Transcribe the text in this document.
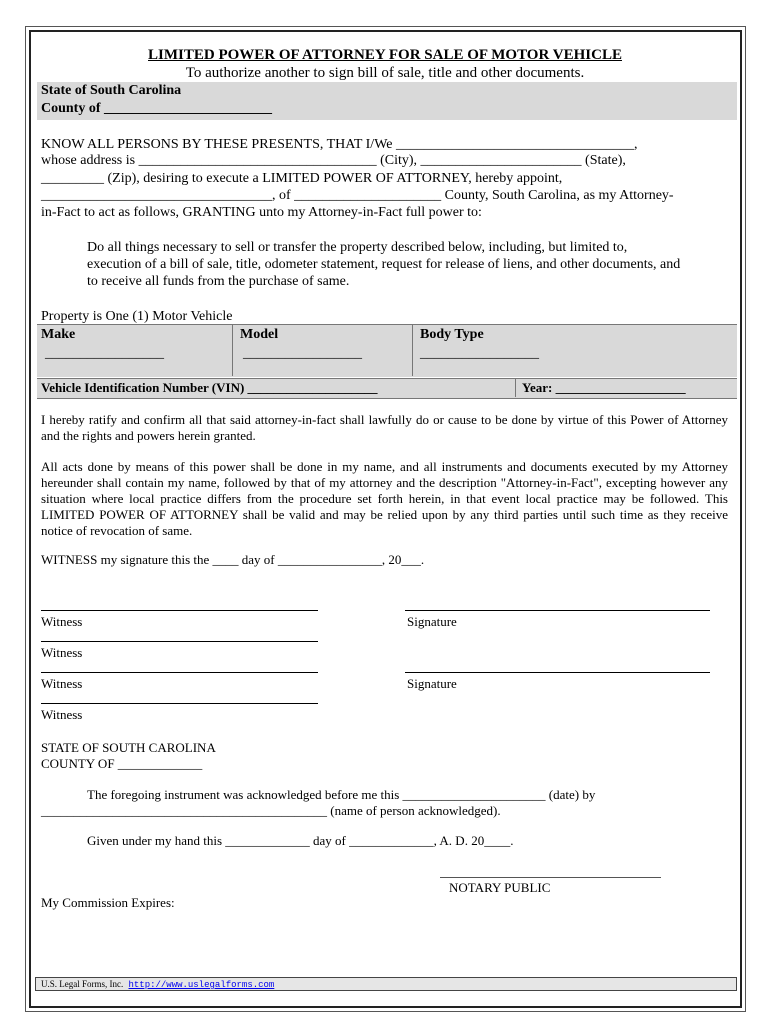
LIMITED POWER OF ATTORNEY FOR SALE OF MOTOR VEHICLE
To authorize another to sign bill of sale, title and other documents.
State of South Carolina
County of ________________________
KNOW ALL PERSONS BY THESE PRESENTS, THAT I/We __________________________________,
whose address is __________________________________ (City), _______________________ (State),
_________ (Zip), desiring to execute a LIMITED POWER OF ATTORNEY, hereby appoint,
_________________________________, of _____________________ County, South Carolina, as my Attorney-
in-Fact to act as follows, GRANTING unto my Attorney-in-Fact full power to:
Do all things necessary to sell or transfer the property described below, including, but limited to,
execution of a bill of sale, title, odometer statement, request for release of liens, and other documents, and
to receive all funds from the purchase of same.
Property is One (1) Motor Vehicle
Make	Model	Body Type
_________________	_________________	_________________
Vehicle Identification Number (VIN) ____________________	Year: ____________________
I hereby ratify and confirm all that said attorney-in-fact shall lawfully do or cause to be done by virtue of this Power of Attorney and the rights and powers herein granted.
All acts done by means of this power shall be done in my name, and all instruments and documents executed by my Attorney hereunder shall contain my name, followed by that of my attorney and the description "Attorney-in-Fact", excepting however any situation where local practice differs from the procedure set forth herein, in that event local practice may be followed. This LIMITED POWER OF ATTORNEY shall be valid and may be relied upon by any third parties until such time as they receive notice of revocation of same.
WITNESS my signature this the ____ day of ________________, 20___.
Witness	Signature
Witness
Witness	Signature
Witness
STATE OF SOUTH CAROLINA
COUNTY OF _____________
The foregoing instrument was acknowledged before me this ______________________ (date) by
____________________________________________ (name of person acknowledged).
Given under my hand this _____________ day of _____________, A. D. 20____.
NOTARY PUBLIC
My Commission Expires:
U.S. Legal Forms, Inc. http://www.uslegalforms.com
